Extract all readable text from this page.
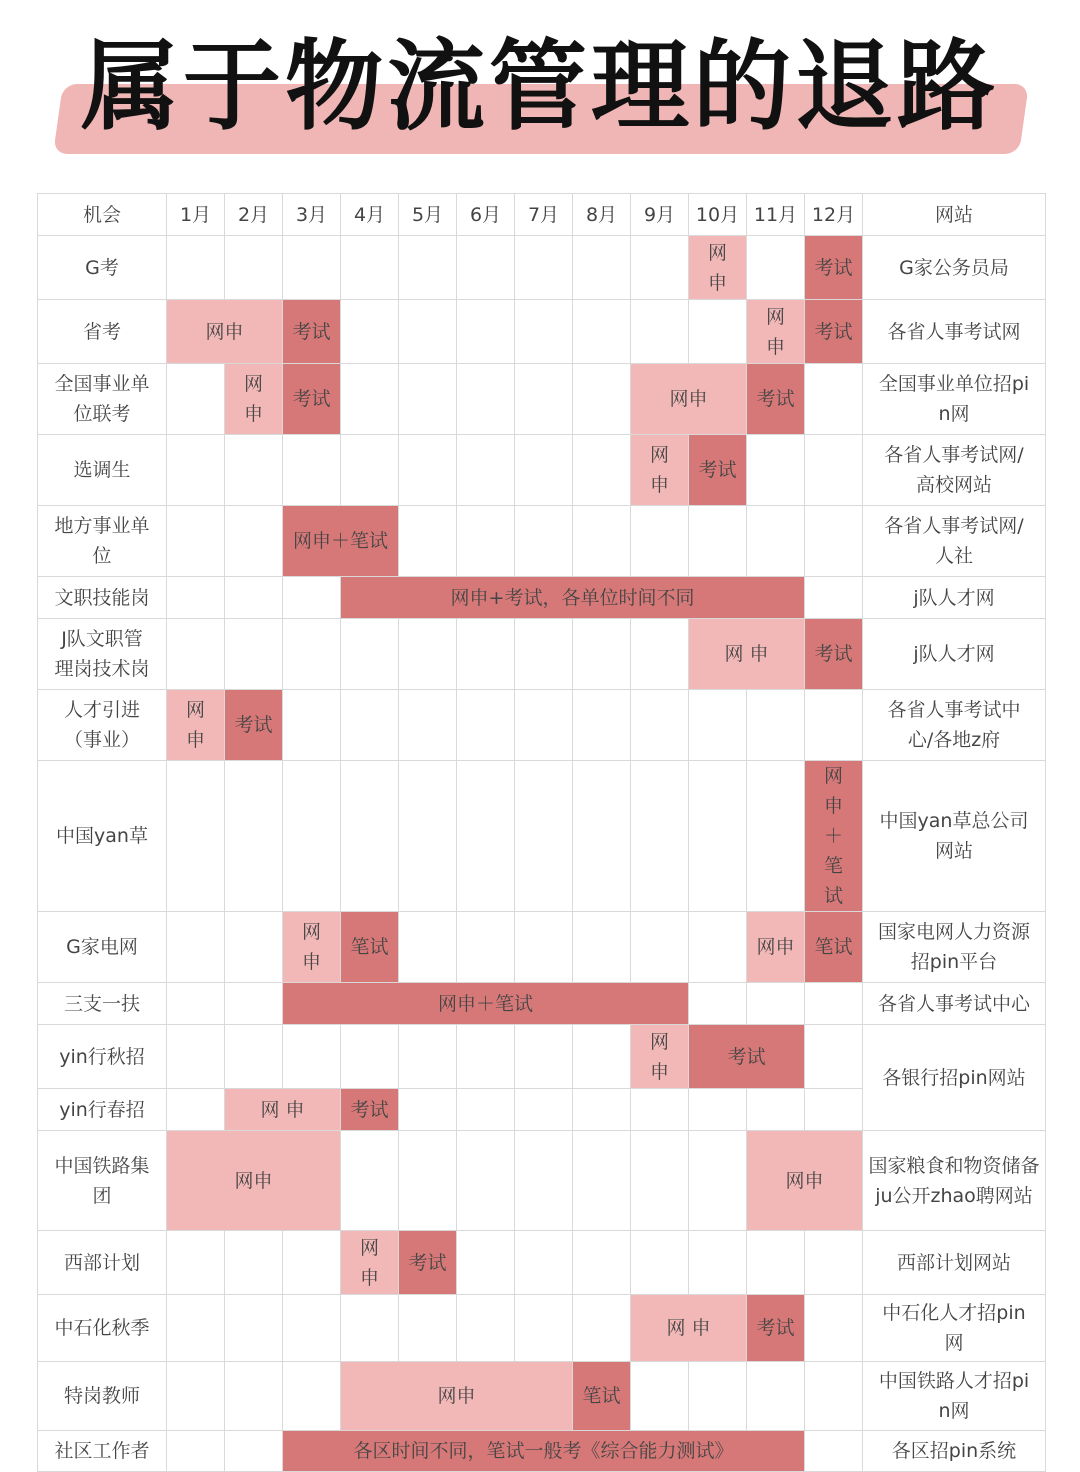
属于物流管理的退路
机会	1月	2月	3月	4月	5月	6月	7月	8月	9月	10月	11月	12月	网站
G考										网申		考试	G家公务员局
省考	网申		考试								网申	考试	各省人事考试网
全国事业单位联考		网申	考试						网申		考试		全国事业单位招pin网
选调生									网申	考试			各省人事考试网/高校网站
地方事业单位			网申＋笔试										各省人事考试网/人社
文职技能岗				网申+考试，各单位时间不同									j队人才网
J队文职管理岗技术岗										网 申		考试	j队人才网
人才引进（事业）	网申	考试											各省人事考试中心/各地z府
中国yan草												网申＋笔试	中国yan草总公司网站
G家电网			网申	笔试							网申	笔试	国家电网人力资源招pin平台
三支一扶			网申＋笔试										各省人事考试中心
yin行秋招									网申	考试			各银行招pin网站
yin行春招		网 申		考试									
中国铁路集团	网申										网申		国家粮食和物资储备ju公开zhao聘网站
西部计划				网申	考试								西部计划网站
中石化秋季									网 申		考试		中石化人才招pin网
特岗教师				网申				笔试					中国铁路人才招pin网
社区工作者			各区时间不同，笔试一般考《综合能力测试》										各区招pin系统
